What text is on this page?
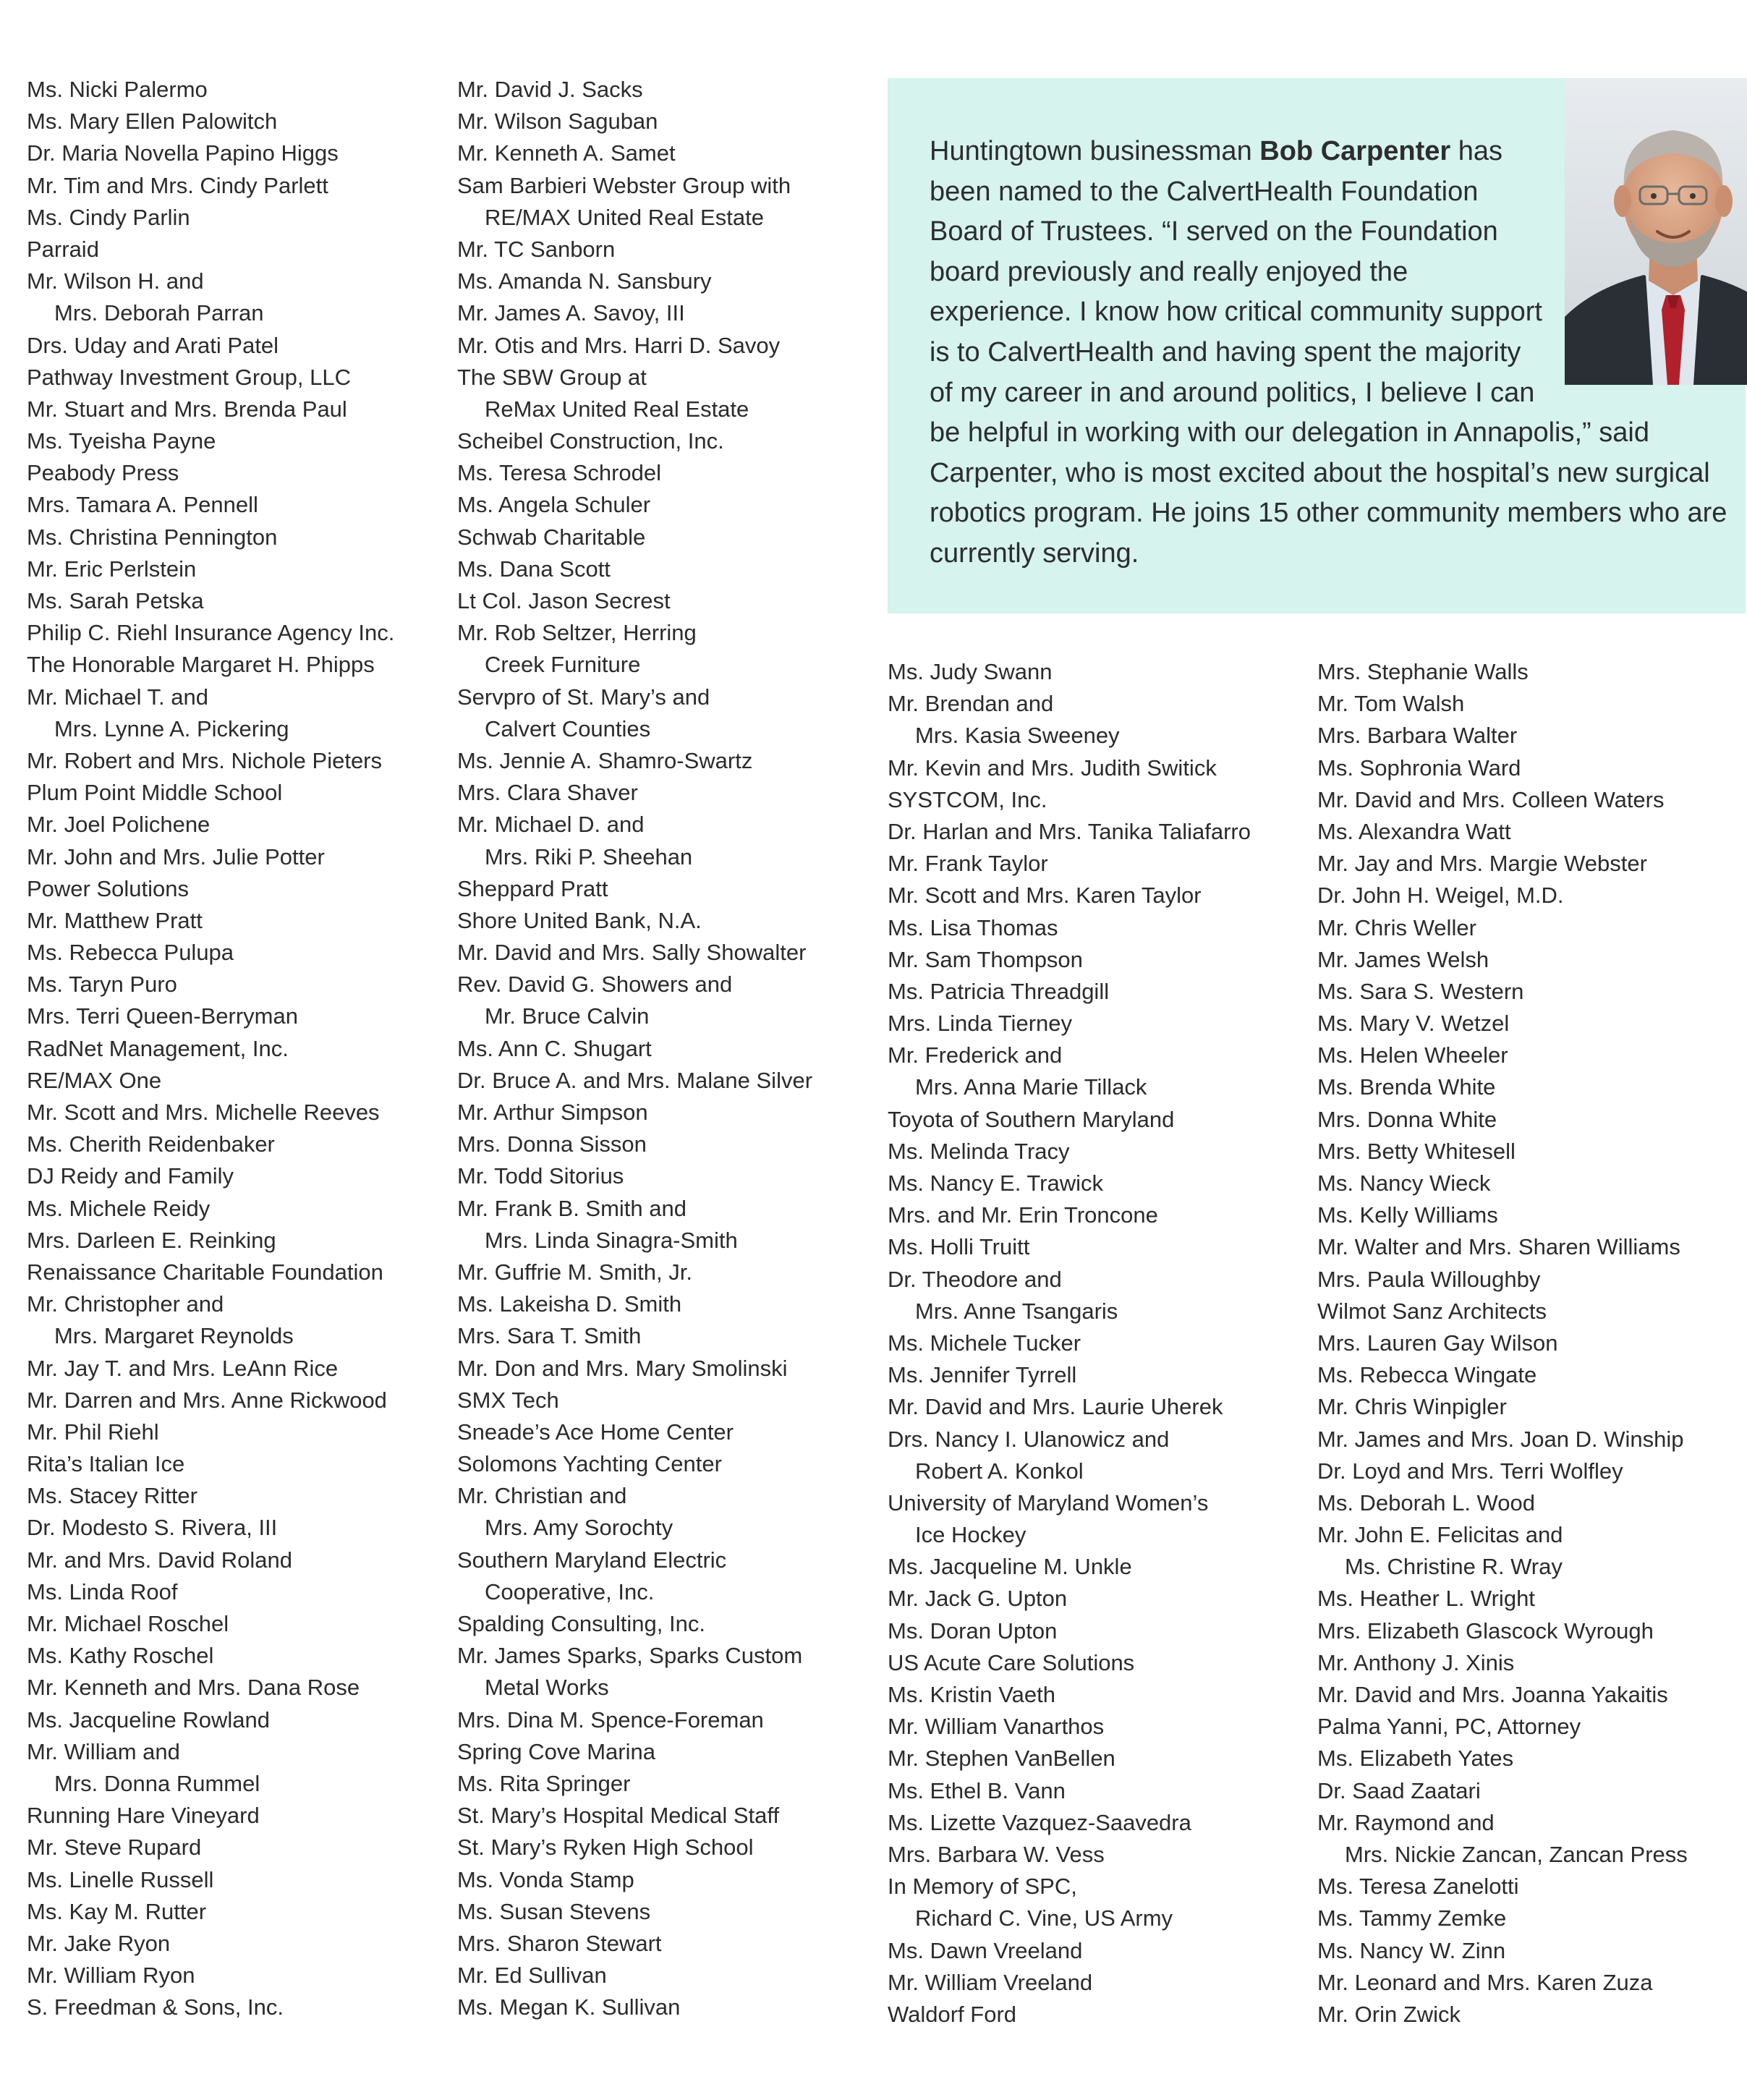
Ms. Nicki Palermo
Ms. Mary Ellen Palowitch
Dr. Maria Novella Papino Higgs
Mr. Tim and Mrs. Cindy Parlett
Ms. Cindy Parlin
Parraid
Mr. Wilson H. and
Mrs. Deborah Parran
Drs. Uday and Arati Patel
Pathway Investment Group, LLC
Mr. Stuart and Mrs. Brenda Paul
Ms. Tyeisha Payne
Peabody Press
Mrs. Tamara A. Pennell
Ms. Christina Pennington
Mr. Eric Perlstein
Ms. Sarah Petska
Philip C. Riehl Insurance Agency Inc.
The Honorable Margaret H. Phipps
Mr. Michael T. and
Mrs. Lynne A. Pickering
Mr. Robert and Mrs. Nichole Pieters
Plum Point Middle School
Mr. Joel Polichene
Mr. John and Mrs. Julie Potter
Power Solutions
Mr. Matthew Pratt
Ms. Rebecca Pulupa
Ms. Taryn Puro
Mrs. Terri Queen-Berryman
RadNet Management, Inc.
RE/MAX One
Mr. Scott and Mrs. Michelle Reeves
Ms. Cherith Reidenbaker
DJ Reidy and Family
Ms. Michele Reidy
Mrs. Darleen E. Reinking
Renaissance Charitable Foundation
Mr. Christopher and
Mrs. Margaret Reynolds
Mr. Jay T. and Mrs. LeAnn Rice
Mr. Darren and Mrs. Anne Rickwood
Mr. Phil Riehl
Rita’s Italian Ice
Ms. Stacey Ritter
Dr. Modesto S. Rivera, III
Mr. and Mrs. David Roland
Ms. Linda Roof
Mr. Michael Roschel
Ms. Kathy Roschel
Mr. Kenneth and Mrs. Dana Rose
Ms. Jacqueline Rowland
Mr. William and
Mrs. Donna Rummel
Running Hare Vineyard
Mr. Steve Rupard
Ms. Linelle Russell
Ms. Kay M. Rutter
Mr. Jake Ryon
Mr. William Ryon
S. Freedman & Sons, Inc.
Mr. David J. Sacks
Mr. Wilson Saguban
Mr. Kenneth A. Samet
Sam Barbieri Webster Group with
RE/MAX United Real Estate
Mr. TC Sanborn
Ms. Amanda N. Sansbury
Mr. James A. Savoy, III
Mr. Otis and Mrs. Harri D. Savoy
The SBW Group at
ReMax United Real Estate
Scheibel Construction, Inc.
Ms. Teresa Schrodel
Ms. Angela Schuler
Schwab Charitable
Ms. Dana Scott
Lt Col. Jason Secrest
Mr. Rob Seltzer, Herring
Creek Furniture
Servpro of St. Mary’s and
Calvert Counties
Ms. Jennie A. Shamro-Swartz
Mrs. Clara Shaver
Mr. Michael D. and
Mrs. Riki P. Sheehan
Sheppard Pratt
Shore United Bank, N.A.
Mr. David and Mrs. Sally Showalter
Rev. David G. Showers and
Mr. Bruce Calvin
Ms. Ann C. Shugart
Dr. Bruce A. and Mrs. Malane Silver
Mr. Arthur Simpson
Mrs. Donna Sisson
Mr. Todd Sitorius
Mr. Frank B. Smith and
Mrs. Linda Sinagra-Smith
Mr. Guffrie M. Smith, Jr.
Ms. Lakeisha D. Smith
Mrs. Sara T. Smith
Mr. Don and Mrs. Mary Smolinski
SMX Tech
Sneade’s Ace Home Center
Solomons Yachting Center
Mr. Christian and
Mrs. Amy Sorochty
Southern Maryland Electric
Cooperative, Inc.
Spalding Consulting, Inc.
Mr. James Sparks, Sparks Custom
Metal Works
Mrs. Dina M. Spence-Foreman
Spring Cove Marina
Ms. Rita Springer
St. Mary’s Hospital Medical Staff
St. Mary’s Ryken High School
Ms. Vonda Stamp
Ms. Susan Stevens
Mrs. Sharon Stewart
Mr. Ed Sullivan
Ms. Megan K. Sullivan
Huntingtown businessman Bob Carpenter has been named to the CalvertHealth Foundation Board of Trustees. “I served on the Foundation board previously and really enjoyed the experience. I know how critical community support is to CalvertHealth and having spent the majority of my career in and around politics, I believe I can be helpful in working with our delegation in Annapolis,” said Carpenter, who is most excited about the hospital’s new surgical robotics program. He joins 15 other community members who are currently serving.
Ms. Judy Swann
Mr. Brendan and
Mrs. Kasia Sweeney
Mr. Kevin and Mrs. Judith Switick
SYSTCOM, Inc.
Dr. Harlan and Mrs. Tanika Taliafarro
Mr. Frank Taylor
Mr. Scott and Mrs. Karen Taylor
Ms. Lisa Thomas
Mr. Sam Thompson
Ms. Patricia Threadgill
Mrs. Linda Tierney
Mr. Frederick and
Mrs. Anna Marie Tillack
Toyota of Southern Maryland
Ms. Melinda Tracy
Ms. Nancy E. Trawick
Mrs. and Mr. Erin Troncone
Ms. Holli Truitt
Dr. Theodore and
Mrs. Anne Tsangaris
Ms. Michele Tucker
Ms. Jennifer Tyrrell
Mr. David and Mrs. Laurie Uherek
Drs. Nancy I. Ulanowicz and
Robert A. Konkol
University of Maryland Women’s
Ice Hockey
Ms. Jacqueline M. Unkle
Mr. Jack G. Upton
Ms. Doran Upton
US Acute Care Solutions
Ms. Kristin Vaeth
Mr. William Vanarthos
Mr. Stephen VanBellen
Ms. Ethel B. Vann
Ms. Lizette Vazquez-Saavedra
Mrs. Barbara W. Vess
In Memory of SPC,
Richard C. Vine, US Army
Ms. Dawn Vreeland
Mr. William Vreeland
Waldorf Ford
Mrs. Stephanie Walls
Mr. Tom Walsh
Mrs. Barbara Walter
Ms. Sophronia Ward
Mr. David and Mrs. Colleen Waters
Ms. Alexandra Watt
Mr. Jay and Mrs. Margie Webster
Dr. John H. Weigel, M.D.
Mr. Chris Weller
Mr. James Welsh
Ms. Sara S. Western
Ms. Mary V. Wetzel
Ms. Helen Wheeler
Ms. Brenda White
Mrs. Donna White
Mrs. Betty Whitesell
Ms. Nancy Wieck
Ms. Kelly Williams
Mr. Walter and Mrs. Sharen Williams
Mrs. Paula Willoughby
Wilmot Sanz Architects
Mrs. Lauren Gay Wilson
Ms. Rebecca Wingate
Mr. Chris Winpigler
Mr. James and Mrs. Joan D. Winship
Dr. Loyd and Mrs. Terri Wolfley
Ms. Deborah L. Wood
Mr. John E. Felicitas and
Ms. Christine R. Wray
Ms. Heather L. Wright
Mrs. Elizabeth Glascock Wyrough
Mr. Anthony J. Xinis
Mr. David and Mrs. Joanna Yakaitis
Palma Yanni, PC, Attorney
Ms. Elizabeth Yates
Dr. Saad Zaatari
Mr. Raymond and
Mrs. Nickie Zancan, Zancan Press
Ms. Teresa Zanelotti
Ms. Tammy Zemke
Ms. Nancy W. Zinn
Mr. Leonard and Mrs. Karen Zuza
Mr. Orin Zwick
